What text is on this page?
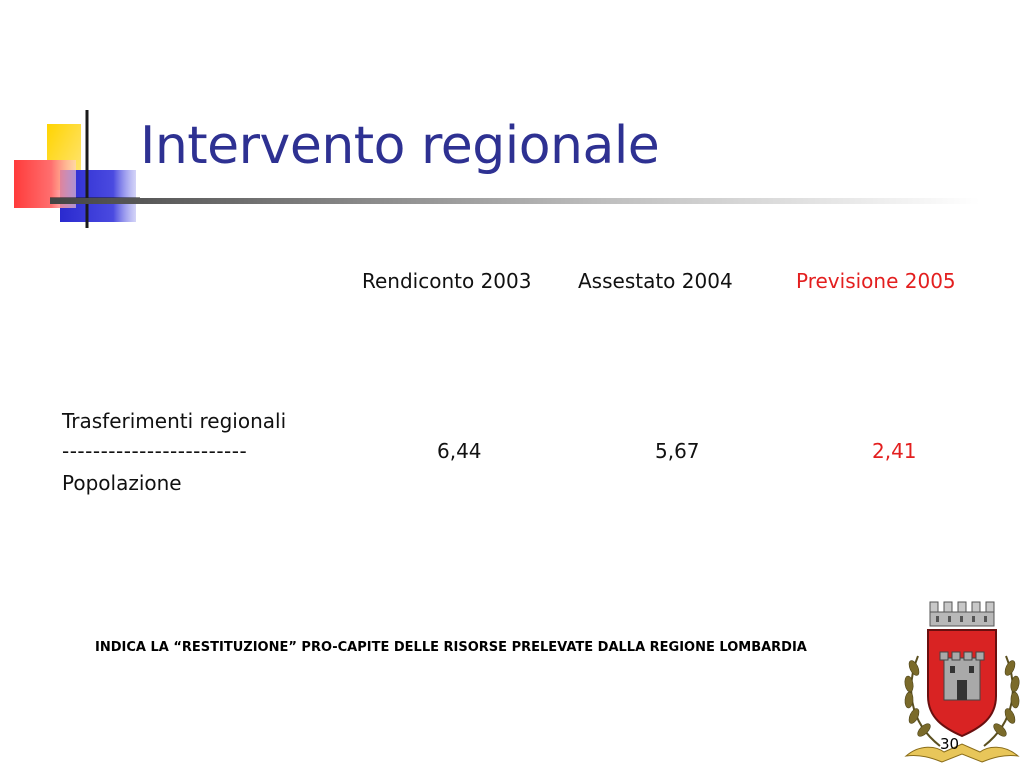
Intervento regionale
Rendiconto 2003 Assestato 2004	Previsione 2005
Trasferimenti regionali
------------------------
Popolazione
6,44	5,67	2,41
INDICA LA “RESTITUZIONE” PRO-CAPITE DELLE RISORSE PRELEVATE DALLA REGIONE LOMBARDIA
30
